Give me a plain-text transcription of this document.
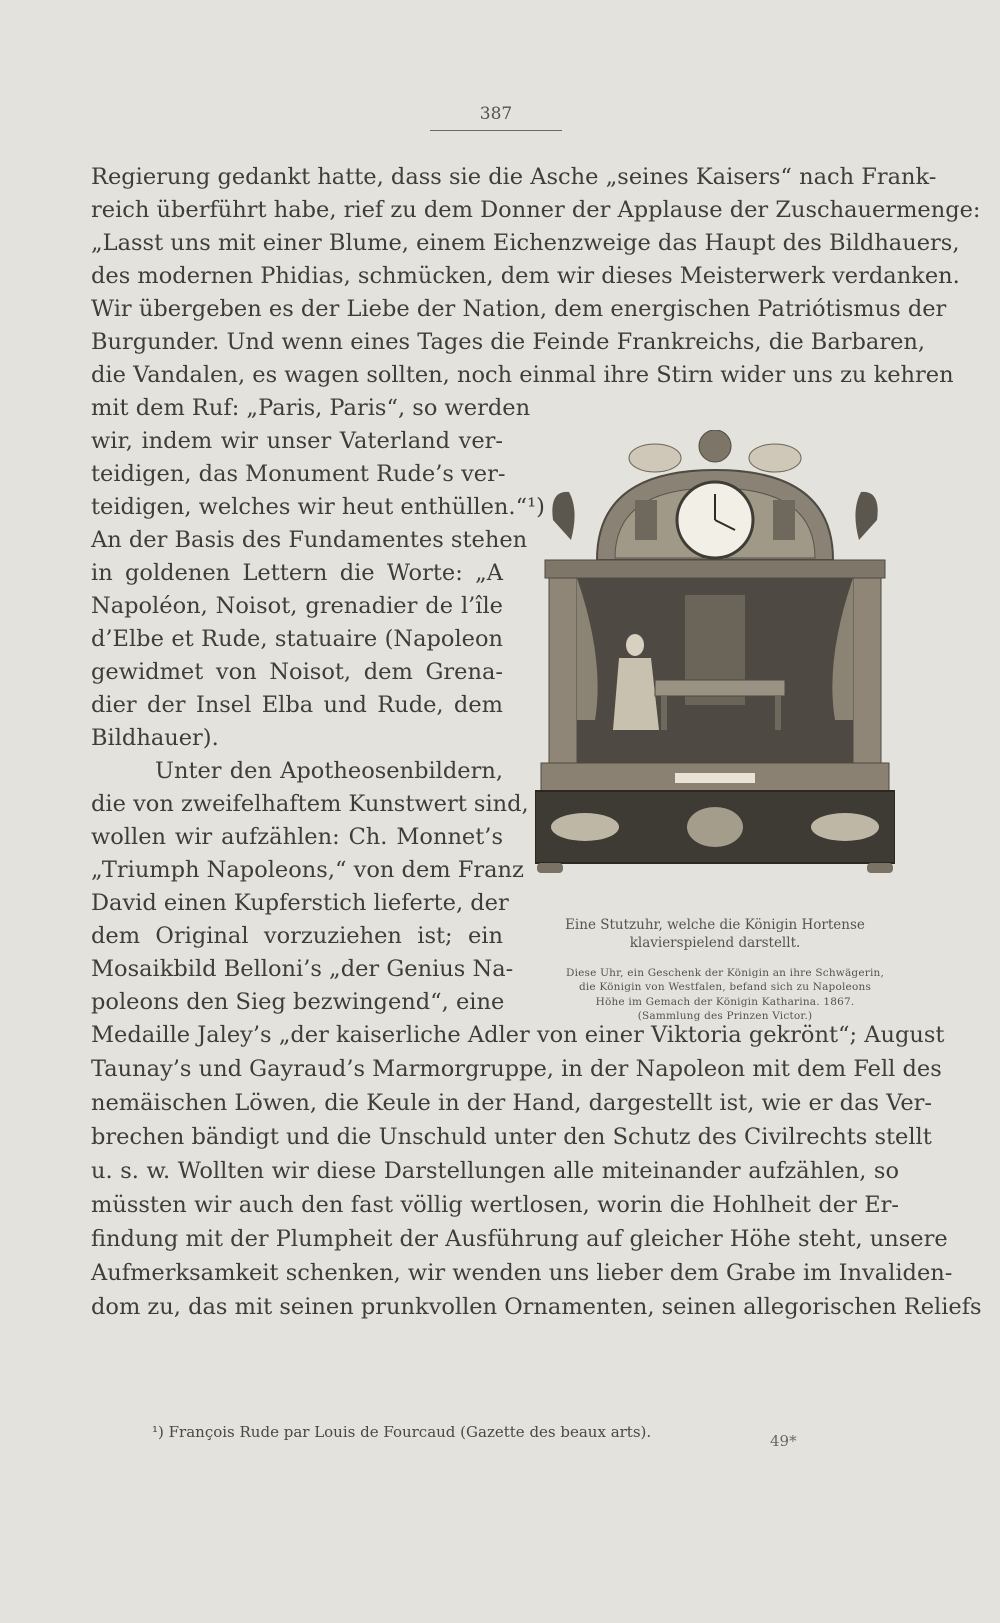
387
Regierung gedankt hatte, dass sie die Asche „seines Kaisers“ nach Frank-
reich überführt habe, rief zu dem Donner der Applause der Zuschauermenge:
„Lasst uns mit einer Blume, einem Eichenzweige das Haupt des Bildhauers,
des modernen Phidias, schmücken, dem wir dieses Meisterwerk verdanken.
Wir übergeben es der Liebe der Nation, dem energischen Patriótismus der
Burgunder. Und wenn eines Tages die Feinde Frankreichs, die Barbaren,
die Vandalen, es wagen sollten, noch einmal ihre Stirn wider uns zu kehren
mit dem Ruf: „Paris, Paris“, so werden
wir, indem wir unser Vaterland ver-
teidigen, das Monument Rude’s ver-
teidigen, welches wir heut enthüllen.“¹)
An der Basis des Fundamentes stehen
in goldenen Lettern die Worte: „A
Napoléon, Noisot, grenadier de l’île
d’Elbe et Rude, statuaire (Napoleon
gewidmet von Noisot, dem Grena-
dier der Insel Elba und Rude, dem
Bildhauer).
Unter den Apotheosenbildern,
die von zweifelhaftem Kunstwert sind,
wollen wir aufzählen: Ch. Monnet’s
„Triumph Napoleons,“ von dem Franz
David einen Kupferstich lieferte, der
dem Original vorzuziehen ist; ein
Mosaikbild Belloni’s „der Genius Na-
poleons den Sieg bezwingend“, eine
Medaille Jaley’s „der kaiserliche Adler von einer Viktoria gekrönt“; August
Taunay’s und Gayraud’s Marmorgruppe, in der Napoleon mit dem Fell des
nemäischen Löwen, die Keule in der Hand, dargestellt ist, wie er das Ver-
brechen bändigt und die Unschuld unter den Schutz des Civilrechts stellt
u. s. w. Wollten wir diese Darstellungen alle miteinander aufzählen, so
müssten wir auch den fast völlig wertlosen, worin die Hohlheit der Er-
findung mit der Plumpheit der Ausführung auf gleicher Höhe steht, unsere
Aufmerksamkeit schenken, wir wenden uns lieber dem Grabe im Invaliden-
dom zu, das mit seinen prunkvollen Ornamenten, seinen allegorischen Reliefs
Eine Stutzuhr, welche die Königin Hortense
klavierspielend darstellt.
Diese Uhr, ein Geschenk der Königin an ihre Schwägerin,
die Königin von Westfalen, befand sich zu Napoleons
Höhe im Gemach der Königin Katharina. 1867.
(Sammlung des Prinzen Victor.)
¹) François Rude par Louis de Fourcaud (Gazette des beaux arts).	49*
